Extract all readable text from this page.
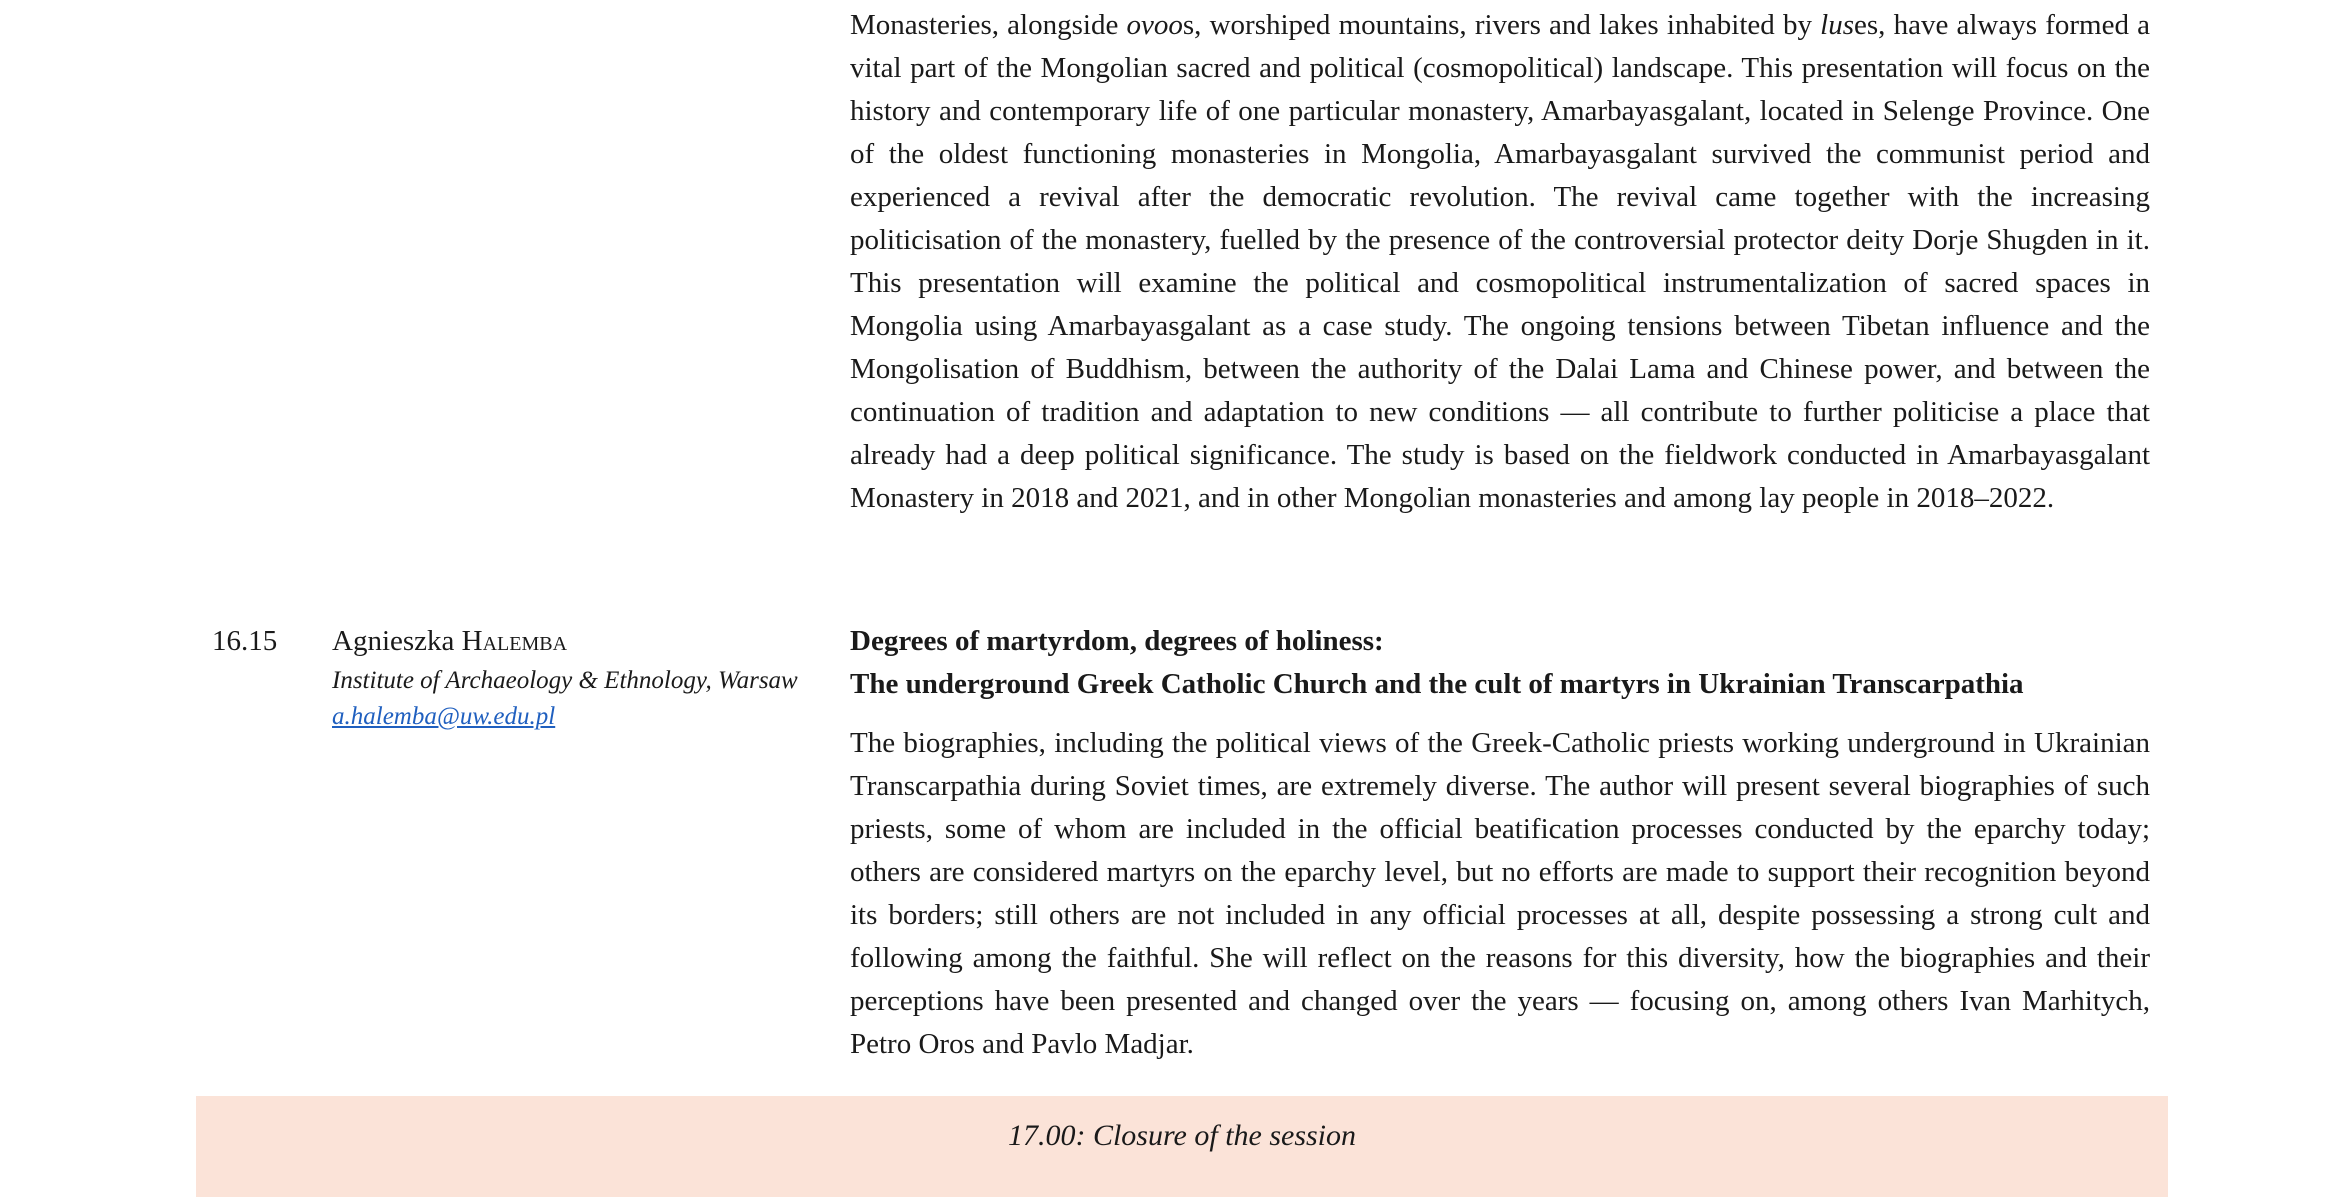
Monasteries, alongside ovoos, worshiped mountains, rivers and lakes inhabited by luses, have always formed a vital part of the Mongolian sacred and political (cosmopolitical) landscape. This presentation will focus on the history and contemporary life of one particular monastery, Amarbayasgalant, located in Selenge Province. One of the oldest functioning monasteries in Mongolia, Amarbayasgalant survived the communist period and experienced a revival after the democratic revolution. The revival came together with the increasing politicisation of the monastery, fuelled by the presence of the controversial protector deity Dorje Shugden in it. This presentation will examine the political and cosmopolitical instrumentalization of sacred spaces in Mongolia using Amarbayasgalant as a case study. The ongoing tensions between Tibetan influence and the Mongolisation of Buddhism, between the authority of the Dalai Lama and Chinese power, and between the continuation of tradition and adaptation to new conditions — all contribute to further politicise a place that already had a deep political significance. The study is based on the fieldwork conducted in Amarbayasgalant Monastery in 2018 and 2021, and in other Mongolian monasteries and among lay people in 2018–2022.

16.15 Agnieszka Halemba
Institute of Archaeology & Ethnology, Warsaw
a.halemba@uw.edu.pl
Degrees of martyrdom, degrees of holiness:
The underground Greek Catholic Church and the cult of martyrs in Ukrainian Transcarpathia

The biographies, including the political views of the Greek-Catholic priests working underground in Ukrainian Transcarpathia during Soviet times, are extremely diverse. The author will present several biographies of such priests, some of whom are included in the official beatification processes conducted by the eparchy today; others are considered martyrs on the eparchy level, but no efforts are made to support their recognition beyond its borders; still others are not included in any official processes at all, despite possessing a strong cult and following among the faithful. She will reflect on the reasons for this diversity, how the biographies and their perceptions have been presented and changed over the years — focusing on, among others Ivan Marhitych, Petro Oros and Pavlo Madjar.

17.00: Closure of the session
